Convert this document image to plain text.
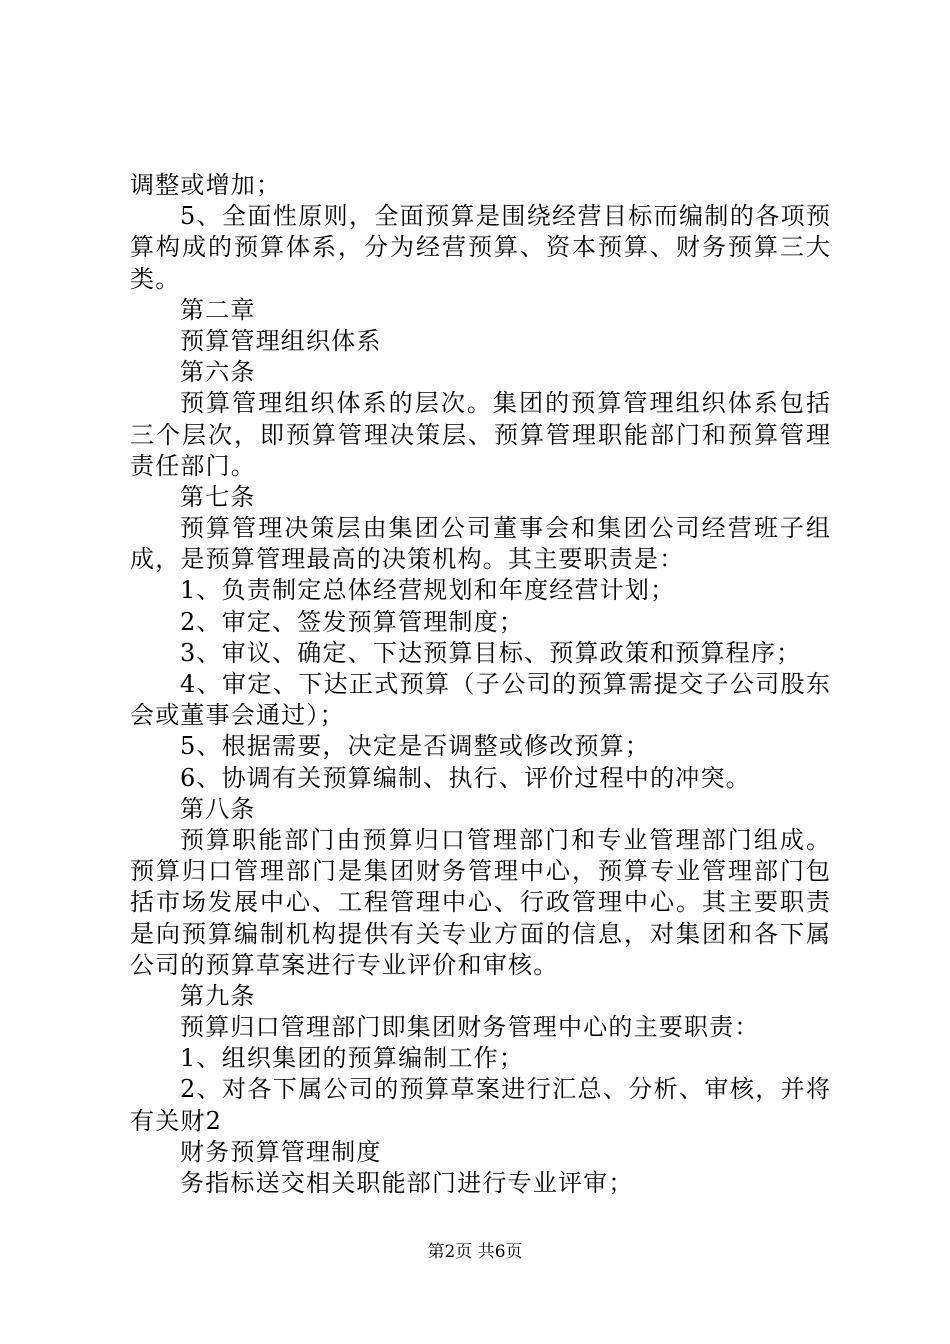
调整或增加；
5、全面性原则，全面预算是围绕经营目标而编制的各项预
算构成的预算体系，分为经营预算、资本预算、财务预算三大
类。
第二章
预算管理组织体系
第六条
预算管理组织体系的层次。集团的预算管理组织体系包括
三个层次，即预算管理决策层、预算管理职能部门和预算管理
责任部门。
第七条
预算管理决策层由集团公司董事会和集团公司经营班子组
成，是预算管理最高的决策机构。其主要职责是：
1、负责制定总体经营规划和年度经营计划；
2、审定、签发预算管理制度；
3、审议、确定、下达预算目标、预算政策和预算程序；
4、审定、下达正式预算（子公司的预算需提交子公司股东
会或董事会通过）；
5、根据需要，决定是否调整或修改预算；
6、协调有关预算编制、执行、评价过程中的冲突。
第八条
预算职能部门由预算归口管理部门和专业管理部门组成。
预算归口管理部门是集团财务管理中心，预算专业管理部门包
括市场发展中心、工程管理中心、行政管理中心。其主要职责
是向预算编制机构提供有关专业方面的信息，对集团和各下属
公司的预算草案进行专业评价和审核。
第九条
预算归口管理部门即集团财务管理中心的主要职责：
1、组织集团的预算编制工作；
2、对各下属公司的预算草案进行汇总、分析、审核，并将
有关财2
财务预算管理制度
务指标送交相关职能部门进行专业评审；
第2页 共6页
